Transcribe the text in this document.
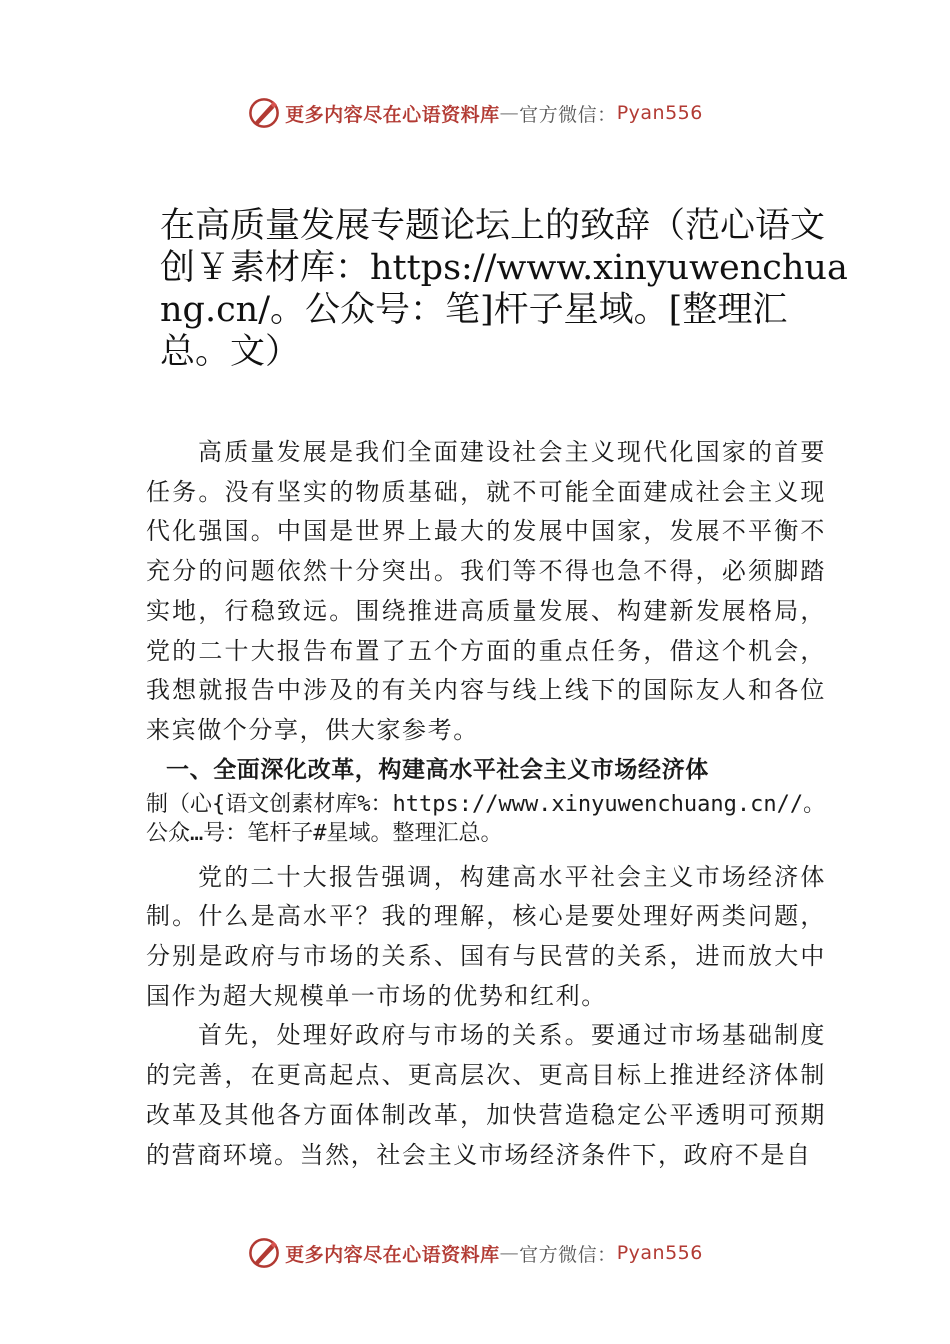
更多内容尽在心语资料库 — 官方微信： Pyan556
在高质量发展专题论坛上的致辞（范心语文创￥素材库：https://www.xinyuwenchuang.cn/。公众号：笔]杆子星域。[整理汇总。文）

高质量发展是我们全面建设社会主义现代化国家的首要任务。没有坚实的物质基础，就不可能全面建成社会主义现代化强国。中国是世界上最大的发展中国家，发展不平衡不充分的问题依然十分突出。我们等不得也急不得，必须脚踏实地，行稳致远。围绕推进高质量发展、构建新发展格局，党的二十大报告布置了五个方面的重点任务，借这个机会，我想就报告中涉及的有关内容与线上线下的国际友人和各位来宾做个分享，供大家参考。

一、全面深化改革，构建高水平社会主义市场经济体

制（心{语文创素材库%：https://www.xinyuwenchuang.cn//。公众…号：笔杆子#星域。整理汇总。

党的二十大报告强调，构建高水平社会主义市场经济体制。什么是高水平？我的理解，核心是要处理好两类问题，分别是政府与市场的关系、国有与民营的关系，进而放大中国作为超大规模单一市场的优势和红利。

首先，处理好政府与市场的关系。要通过市场基础制度的完善，在更高起点、更高层次、更高目标上推进经济体制改革及其他各方面体制改革，加快营造稳定公平透明可预期的营商环境。当然，社会主义市场经济条件下，政府不是自

更多内容尽在心语资料库 — 官方微信： Pyan556
